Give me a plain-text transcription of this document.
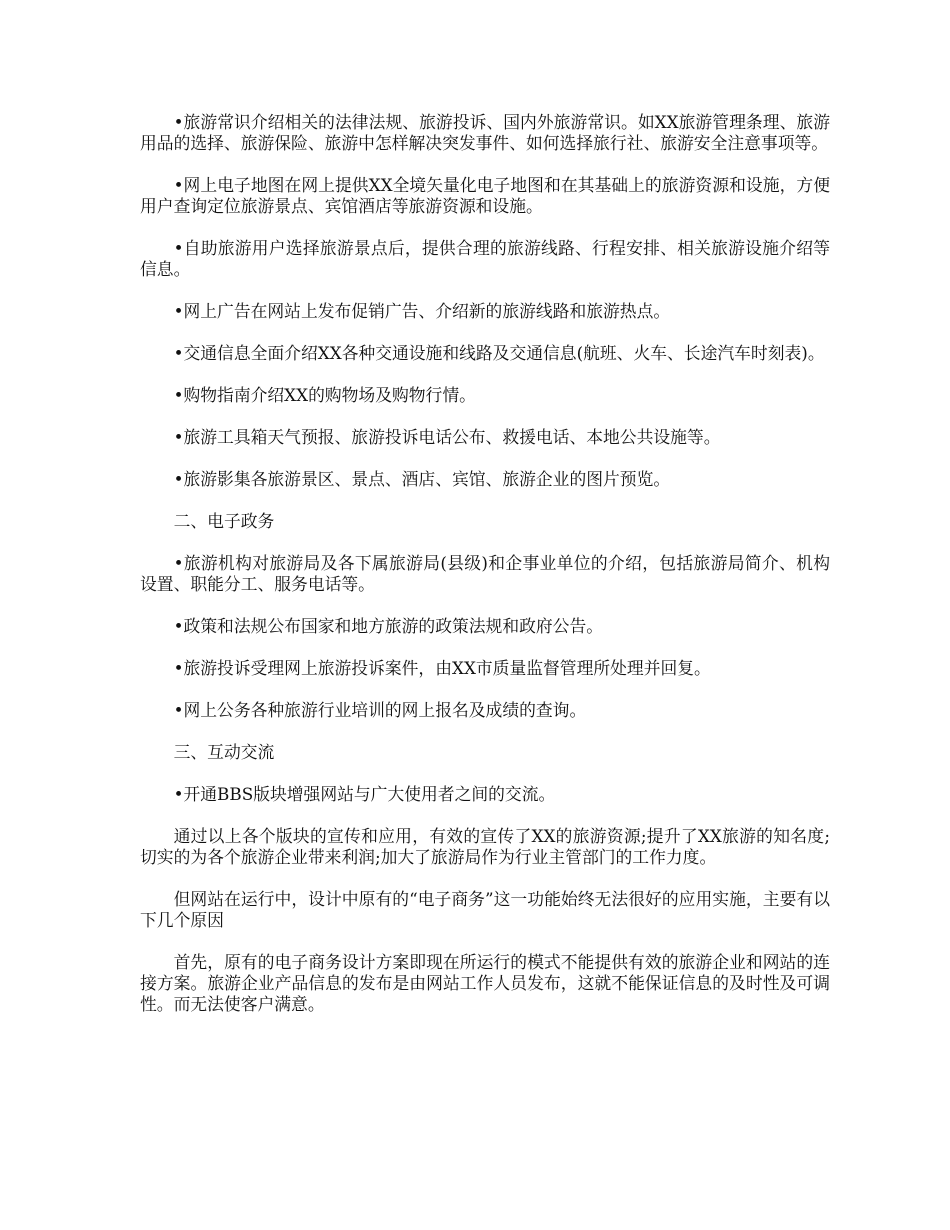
•旅游常识介绍相关的法律法规、旅游投诉、国内外旅游常识。如XX旅游管理条理、旅游用品的选择、旅游保险、旅游中怎样解决突发事件、如何选择旅行社、旅游安全注意事项等。

•网上电子地图在网上提供XX全境矢量化电子地图和在其基础上的旅游资源和设施，方便用户查询定位旅游景点、宾馆酒店等旅游资源和设施。

•自助旅游用户选择旅游景点后，提供合理的旅游线路、行程安排、相关旅游设施介绍等信息。

•网上广告在网站上发布促销广告、介绍新的旅游线路和旅游热点。

•交通信息全面介绍XX各种交通设施和线路及交通信息(航班、火车、长途汽车时刻表)。

•购物指南介绍XX的购物场及购物行情。

•旅游工具箱天气预报、旅游投诉电话公布、救援电话、本地公共设施等。

•旅游影集各旅游景区、景点、酒店、宾馆、旅游企业的图片预览。

二、电子政务

•旅游机构对旅游局及各下属旅游局(县级)和企事业单位的介绍，包括旅游局简介、机构设置、职能分工、服务电话等。

•政策和法规公布国家和地方旅游的政策法规和政府公告。

•旅游投诉受理网上旅游投诉案件，由XX市质量监督管理所处理并回复。

•网上公务各种旅游行业培训的网上报名及成绩的查询。

三、互动交流

•开通BBS版块增强网站与广大使用者之间的交流。

通过以上各个版块的宣传和应用，有效的宣传了XX的旅游资源;提升了XX旅游的知名度;切实的为各个旅游企业带来利润;加大了旅游局作为行业主管部门的工作力度。

但网站在运行中，设计中原有的“电子商务”这一功能始终无法很好的应用实施，主要有以下几个原因

首先，原有的电子商务设计方案即现在所运行的模式不能提供有效的旅游企业和网站的连接方案。旅游企业产品信息的发布是由网站工作人员发布，这就不能保证信息的及时性及可调性。而无法使客户满意。
